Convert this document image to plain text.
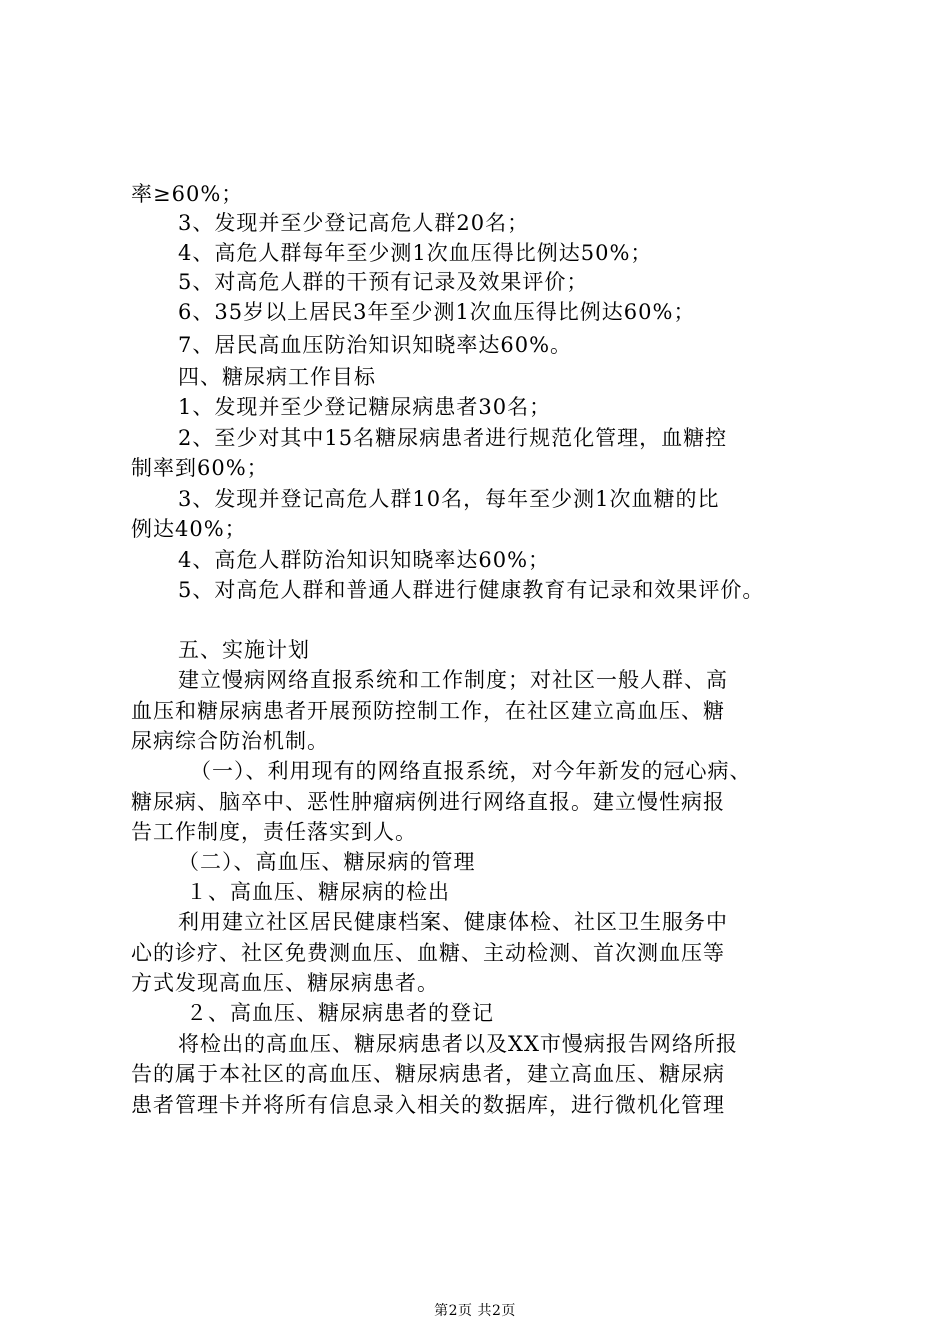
率≥60%；
3、发现并至少登记高危人群20名；
4、高危人群每年至少测1次血压得比例达50%；
5、对高危人群的干预有记录及效果评价；
6、35岁以上居民3年至少测1次血压得比例达60%；
7、居民高血压防治知识知晓率达60%。
四、糖尿病工作目标
1、发现并至少登记糖尿病患者30名；
2、至少对其中15名糖尿病患者进行规范化管理，血糖控
制率到60%；
3、发现并登记高危人群10名，每年至少测1次血糖的比
例达40%；
4、高危人群防治知识知晓率达60%；
5、对高危人群和普通人群进行健康教育有记录和效果评价。
五、实施计划
建立慢病网络直报系统和工作制度；对社区一般人群、高
血压和糖尿病患者开展预防控制工作，在社区建立高血压、糖
尿病综合防治机制。
（一）、利用现有的网络直报系统，对今年新发的冠心病、
糖尿病、脑卒中、恶性肿瘤病例进行网络直报。建立慢性病报
告工作制度，责任落实到人。
（二）、高血压、糖尿病的管理
１、高血压、糖尿病的检出
利用建立社区居民健康档案、健康体检、社区卫生服务中
心的诊疗、社区免费测血压、血糖、主动检测、首次测血压等
方式发现高血压、糖尿病患者。
２、高血压、糖尿病患者的登记
将检出的高血压、糖尿病患者以及XX市慢病报告网络所报
告的属于本社区的高血压、糖尿病患者，建立高血压、糖尿病
患者管理卡并将所有信息录入相关的数据库，进行微机化管理
第2页 共2页
